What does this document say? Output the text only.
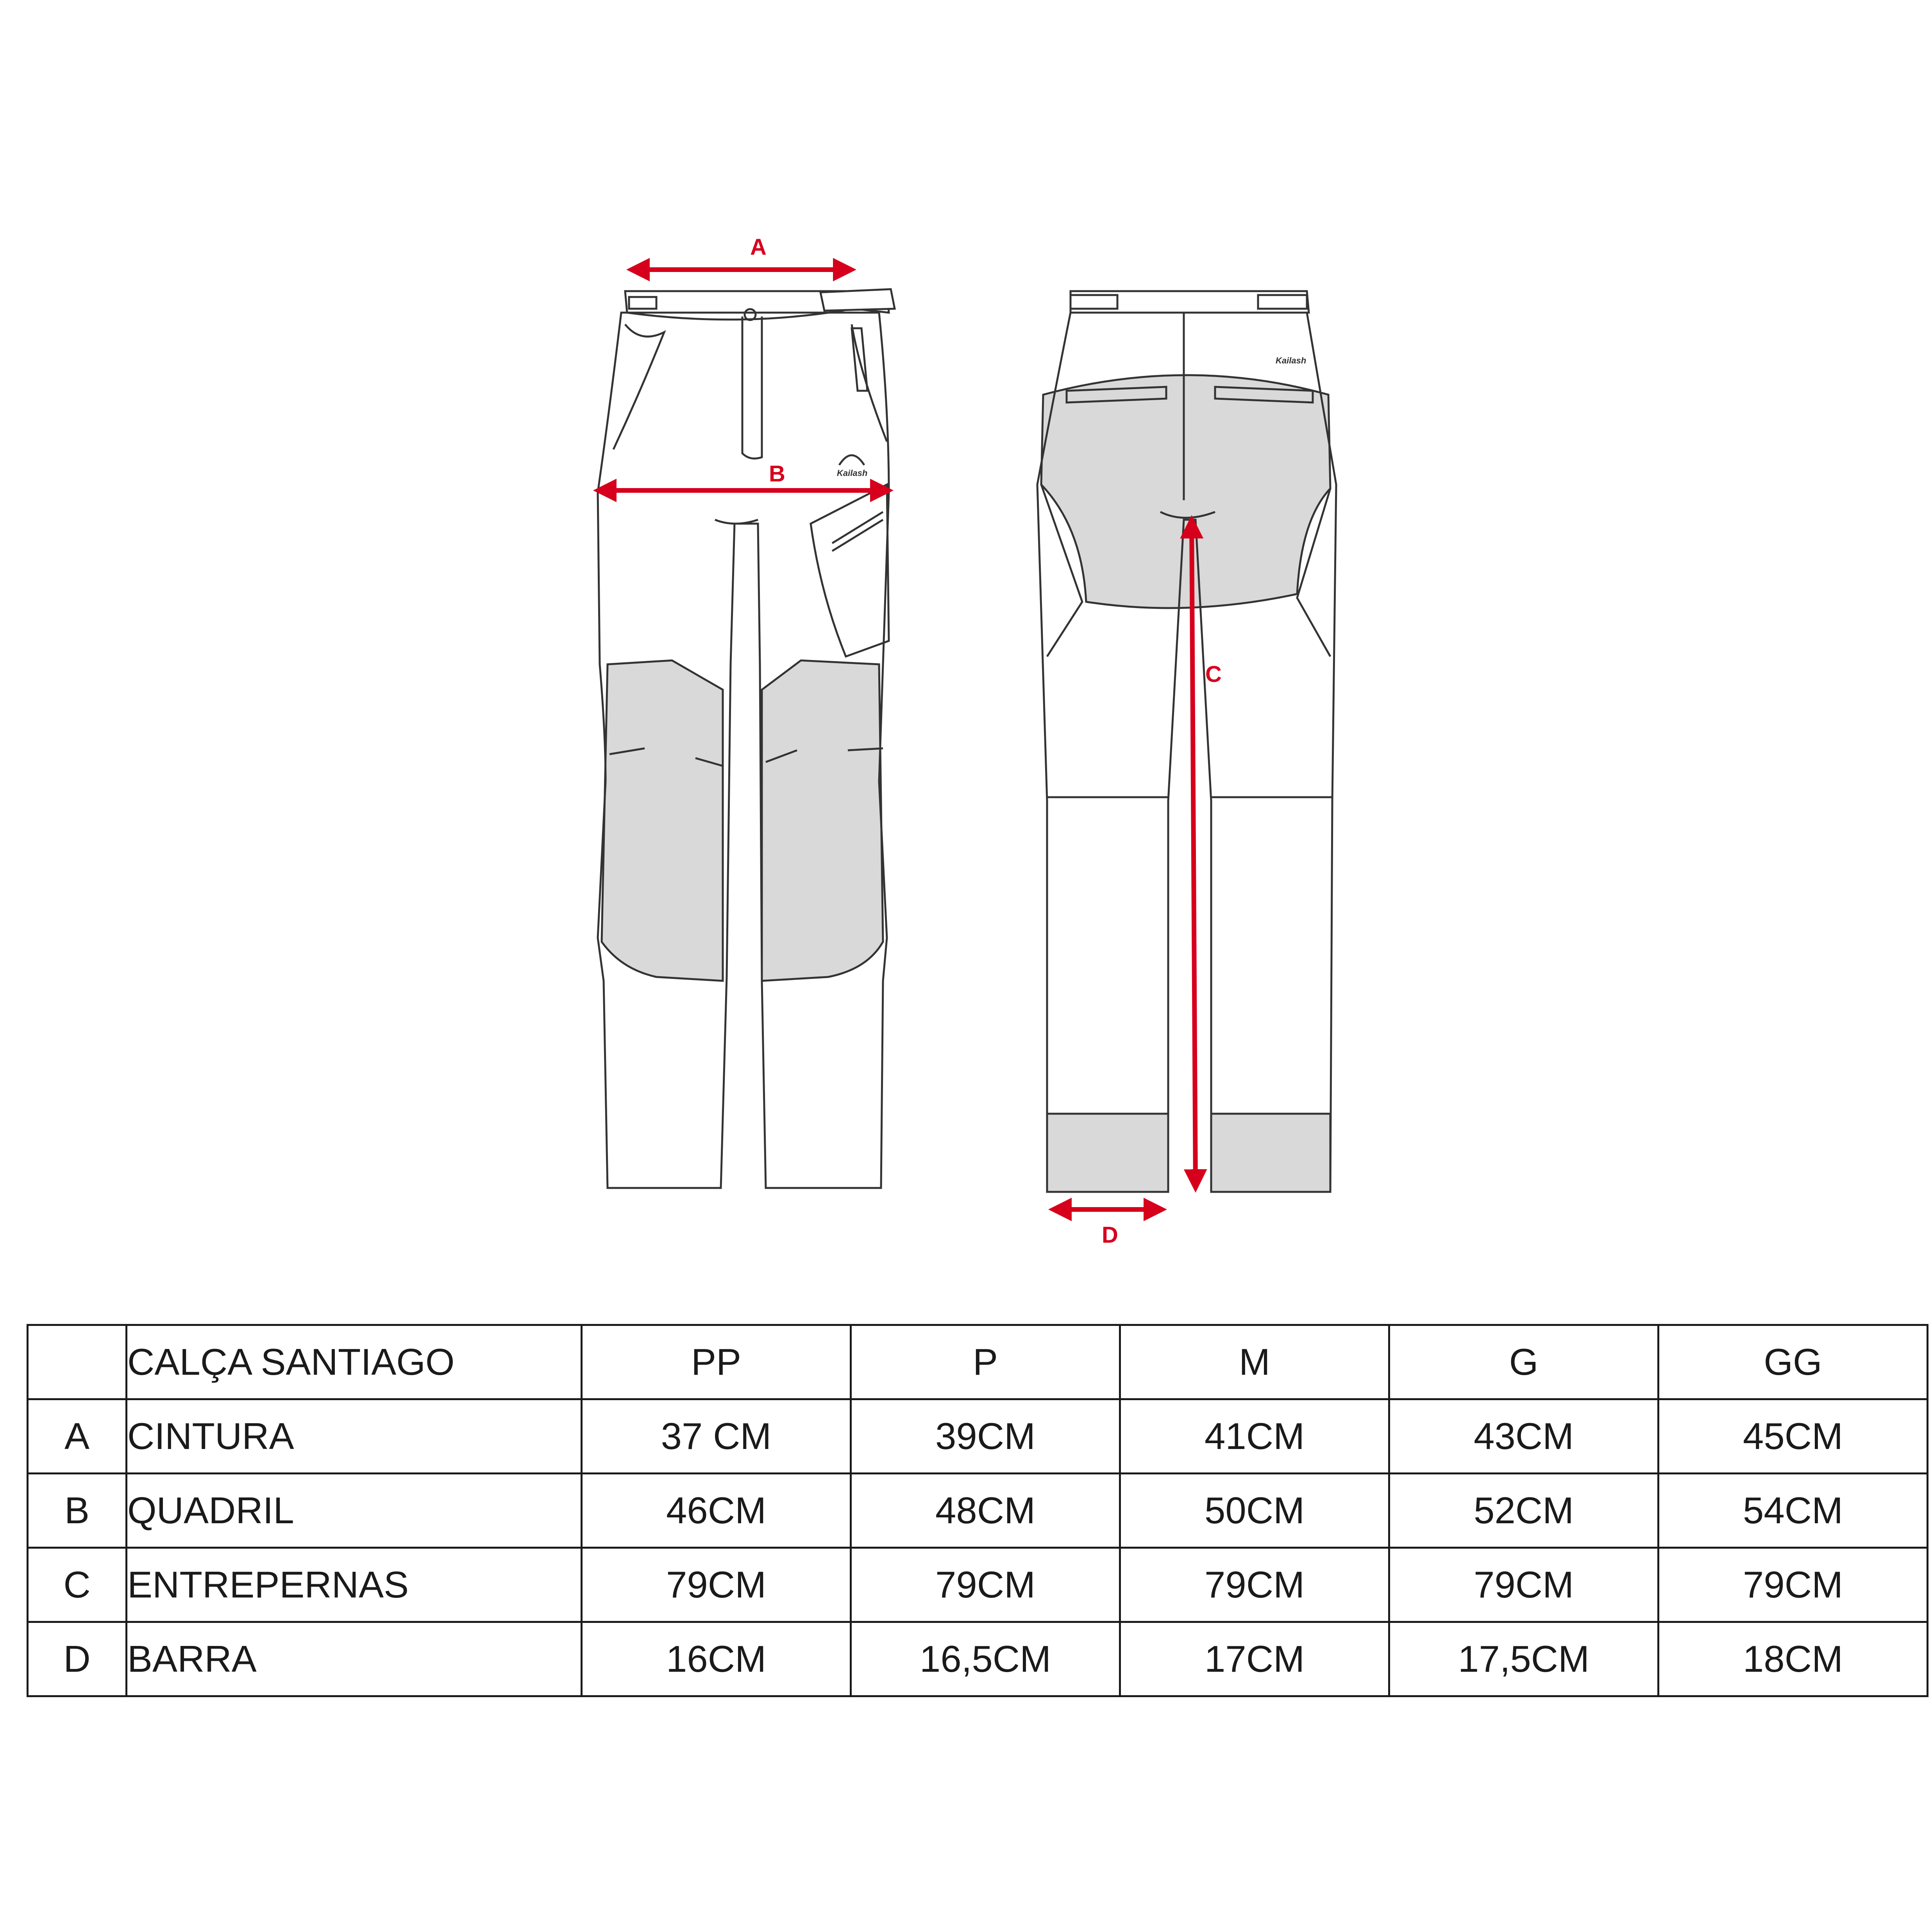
Kailash
Kailash
A
B
C
D
	CALÇA SANTIAGO	PP	P	M	G	GG
A	CINTURA	37 CM	39CM	41CM	43CM	45CM
B	QUADRIL	46CM	48CM	50CM	52CM	54CM
C	ENTREPERNAS	79CM	79CM	79CM	79CM	79CM
D	BARRA	16CM	16,5CM	17CM	17,5CM	18CM
